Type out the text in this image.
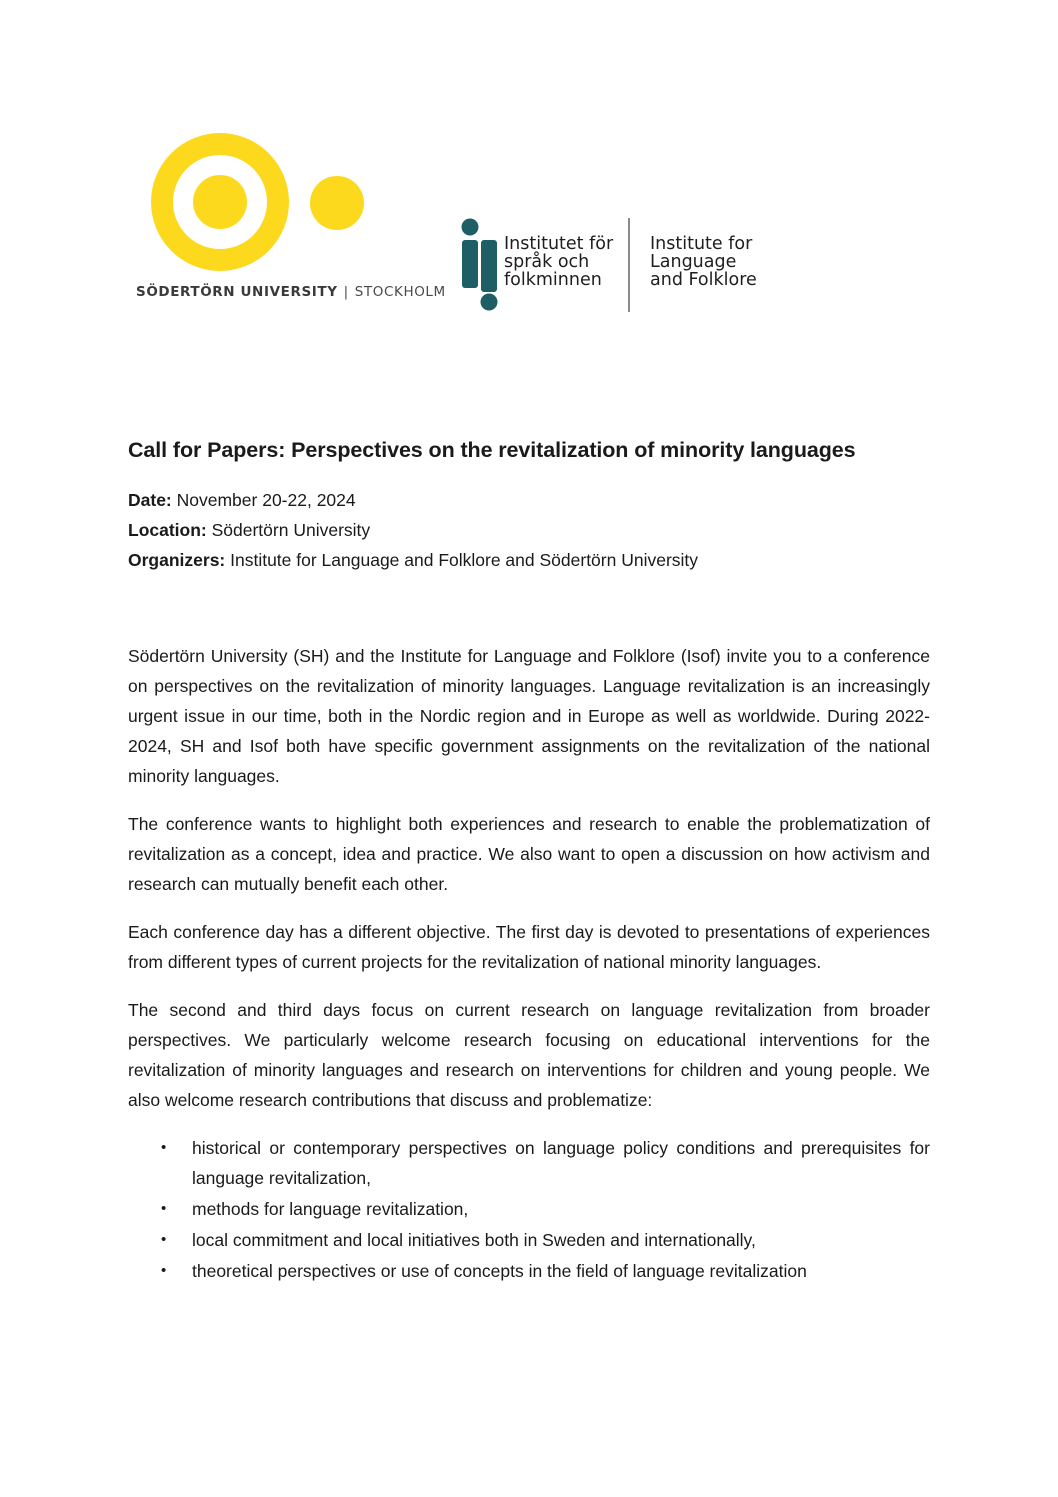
SÖDERTÖRN UNIVERSITY | STOCKHOLM
Institutet för
språk och
folkminnen
Institute for
Language
and Folklore
Call for Papers: Perspectives on the revitalization of minority languages

Date: November 20-22, 2024

Location: Södertörn University

Organizers: Institute for Language and Folklore and Södertörn University

Södertörn University (SH) and the Institute for Language and Folklore (Isof) invite you to a conference on perspectives on the revitalization of minority languages. Language revitalization is an increasingly urgent issue in our time, both in the Nordic region and in Europe as well as worldwide. During 2022-2024, SH and Isof both have specific government assignments on the revitalization of the national minority languages.

The conference wants to highlight both experiences and research to enable the problematization of revitalization as a concept, idea and practice. We also want to open a discussion on how activism and research can mutually benefit each other.

Each conference day has a different objective. The first day is devoted to presentations of experiences from different types of current projects for the revitalization of national minority languages.

The second and third days focus on current research on language revitalization from broader perspectives. We particularly welcome research focusing on educational interventions for the revitalization of minority languages and research on interventions for children and young people. We also welcome research contributions that discuss and problematize:

• historical or contemporary perspectives on language policy conditions and prerequisites for language revitalization,
• methods for language revitalization,
• local commitment and local initiatives both in Sweden and internationally,
• theoretical perspectives or use of concepts in the field of language revitalization
